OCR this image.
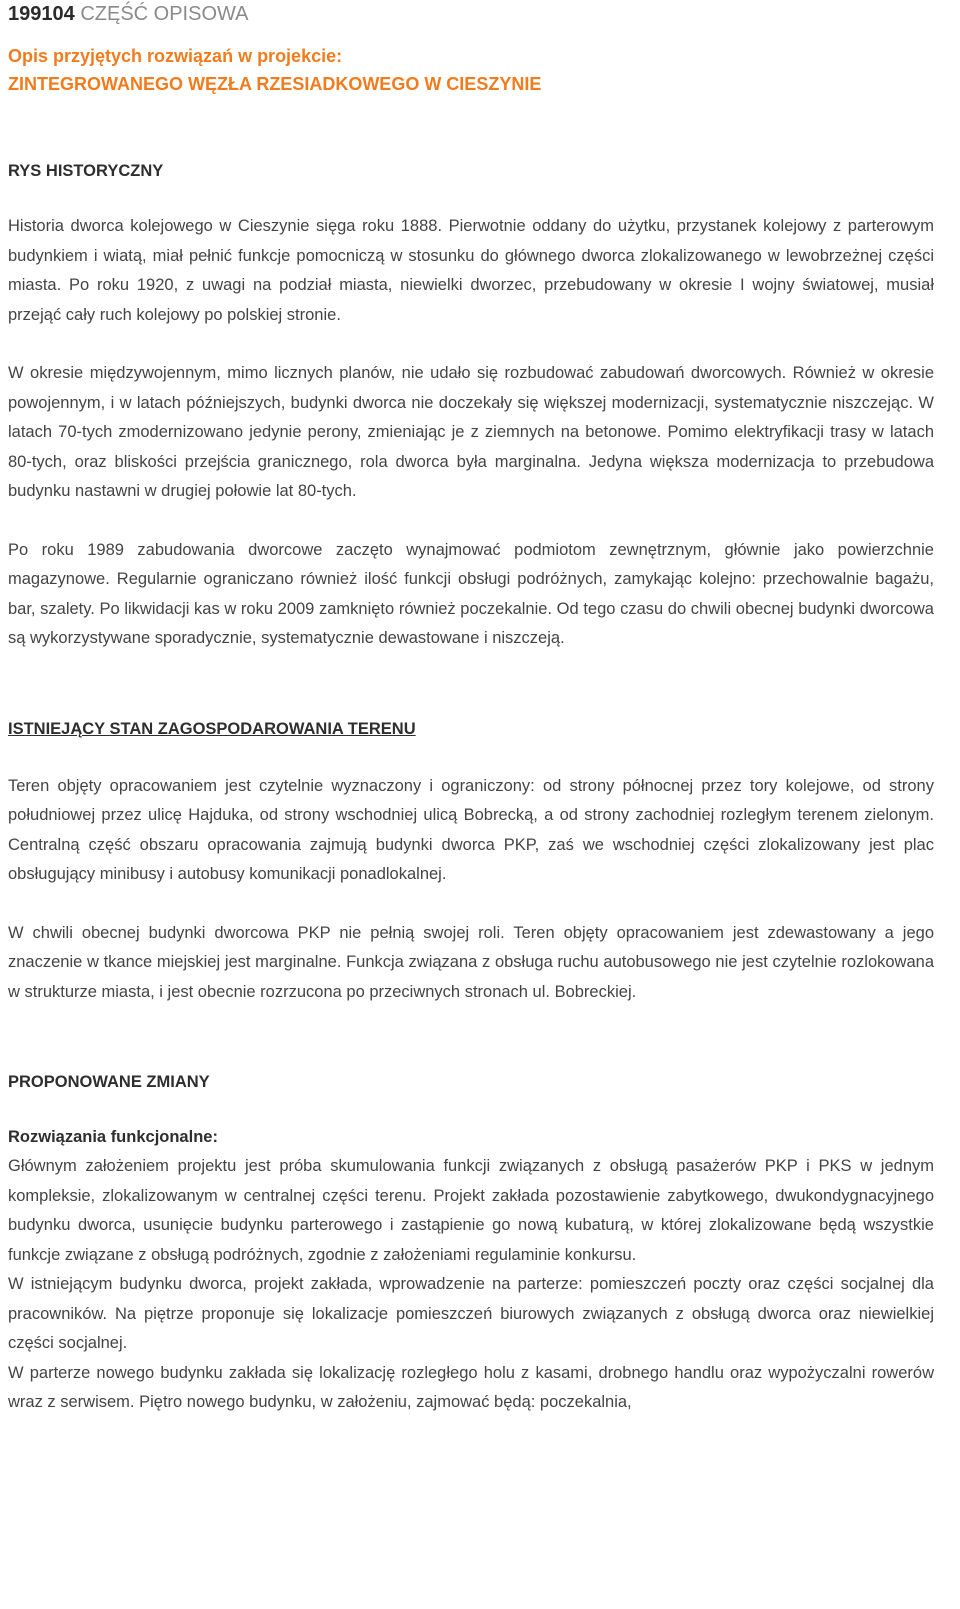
199104 CZĘŚĆ OPISOWA
Opis przyjętych rozwiązań w projekcie:
ZINTEGROWANEGO WĘZŁA RZESIADKOWEGO W CIESZYNIE
RYS HISTORYCZNY

Historia dworca kolejowego w Cieszynie sięga roku 1888. Pierwotnie oddany do użytku, przystanek kolejowy z parterowym budynkiem i wiatą, miał pełnić funkcje pomocniczą w stosunku do głównego dworca zlokalizowanego w lewobrzeżnej części miasta. Po roku 1920, z uwagi na podział miasta, niewielki dworzec, przebudowany w okresie I wojny światowej, musiał przejąć cały ruch kolejowy po polskiej stronie.

W okresie międzywojennym, mimo licznych planów, nie udało się rozbudować zabudowań dworcowych. Również w okresie powojennym, i w latach późniejszych, budynki dworca nie doczekały się większej modernizacji, systematycznie niszczejąc. W latach 70-tych zmodernizowano jedynie perony, zmieniając je z ziemnych na betonowe. Pomimo elektryfikacji trasy w latach 80-tych, oraz bliskości przejścia granicznego, rola dworca była marginalna. Jedyna większa modernizacja to przebudowa budynku nastawni w drugiej połowie lat 80-tych.

Po roku 1989 zabudowania dworcowe zaczęto wynajmować podmiotom zewnętrznym, głównie jako powierzchnie magazynowe. Regularnie ograniczano również ilość funkcji obsługi podróżnych, zamykając kolejno: przechowalnie bagażu, bar, szalety. Po likwidacji kas w roku 2009 zamknięto również poczekalnie. Od tego czasu do chwili obecnej budynki dworcowa są wykorzystywane sporadycznie, systematycznie dewastowane i niszczeją.

ISTNIEJĄCY STAN ZAGOSPODAROWANIA TERENU

Teren objęty opracowaniem jest czytelnie wyznaczony i ograniczony: od strony północnej przez tory kolejowe, od strony południowej przez ulicę Hajduka, od strony wschodniej ulicą Bobrecką, a od strony zachodniej rozległym terenem zielonym. Centralną część obszaru opracowania zajmują budynki dworca PKP, zaś we wschodniej części zlokalizowany jest plac obsługujący minibusy i autobusy komunikacji ponadlokalnej.

W chwili obecnej budynki dworcowa PKP nie pełnią swojej roli. Teren objęty opracowaniem jest zdewastowany a jego znaczenie w tkance miejskiej jest marginalne. Funkcja związana z obsługa ruchu autobusowego nie jest czytelnie rozlokowana w strukturze miasta, i jest obecnie rozrzucona po przeciwnych stronach ul. Bobreckiej.

PROPONOWANE ZMIANY
Rozwiązania funkcjonalne:

Głównym założeniem projektu jest próba skumulowania funkcji związanych z obsługą pasażerów PKP i PKS w jednym kompleksie, zlokalizowanym w centralnej części terenu. Projekt zakłada pozostawienie zabytkowego, dwukondygnacyjnego budynku dworca, usunięcie budynku parterowego i zastąpienie go nową kubaturą, w której zlokalizowane będą wszystkie funkcje związane z obsługą podróżnych, zgodnie z założeniami regulaminie konkursu.

W istniejącym budynku dworca, projekt zakłada, wprowadzenie na parterze: pomieszczeń poczty oraz części socjalnej dla pracowników. Na piętrze proponuje się lokalizacje pomieszczeń biurowych związanych z obsługą dworca oraz niewielkiej części socjalnej.

W parterze nowego budynku zakłada się lokalizację rozległego holu z kasami, drobnego handlu oraz wypożyczalni rowerów wraz z serwisem. Piętro nowego budynku, w założeniu, zajmować będą: poczekalnia,
